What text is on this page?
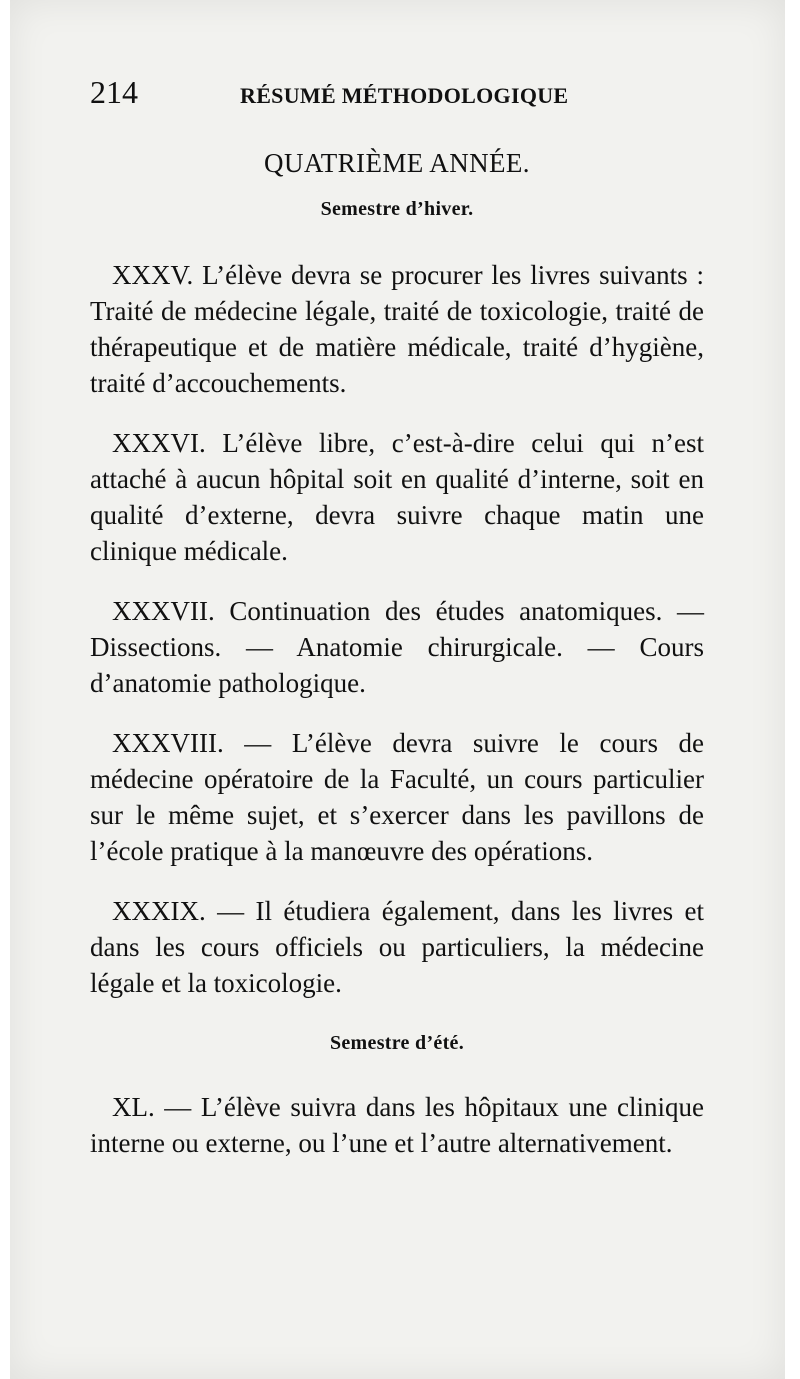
214	RÉSUMÉ MÉTHODOLOGIQUE
QUATRIÈME ANNÉE.
Semestre d’hiver.

XXXV. L’élève devra se procurer les livres suivants : Traité de médecine légale, traité de toxicologie, traité de thérapeutique et de matière médicale, traité d’hygiène, traité d’accouchements.

XXXVI. L’élève libre, c’est-à-dire celui qui n’est attaché à aucun hôpital soit en qualité d’interne, soit en qualité d’externe, devra suivre chaque matin une clinique médicale.

XXXVII. Continuation des études anatomiques. — Dissections. — Anatomie chirurgicale. — Cours d’anatomie pathologique.

XXXVIII. — L’élève devra suivre le cours de médecine opératoire de la Faculté, un cours particulier sur le même sujet, et s’exercer dans les pavillons de l’école pratique à la manœuvre des opérations.

XXXIX. — Il étudiera également, dans les livres et dans les cours officiels ou particuliers, la médecine légale et la toxicologie.

Semestre d’été.

XL. — L’élève suivra dans les hôpitaux une clinique interne ou externe, ou l’une et l’autre alternativement.
